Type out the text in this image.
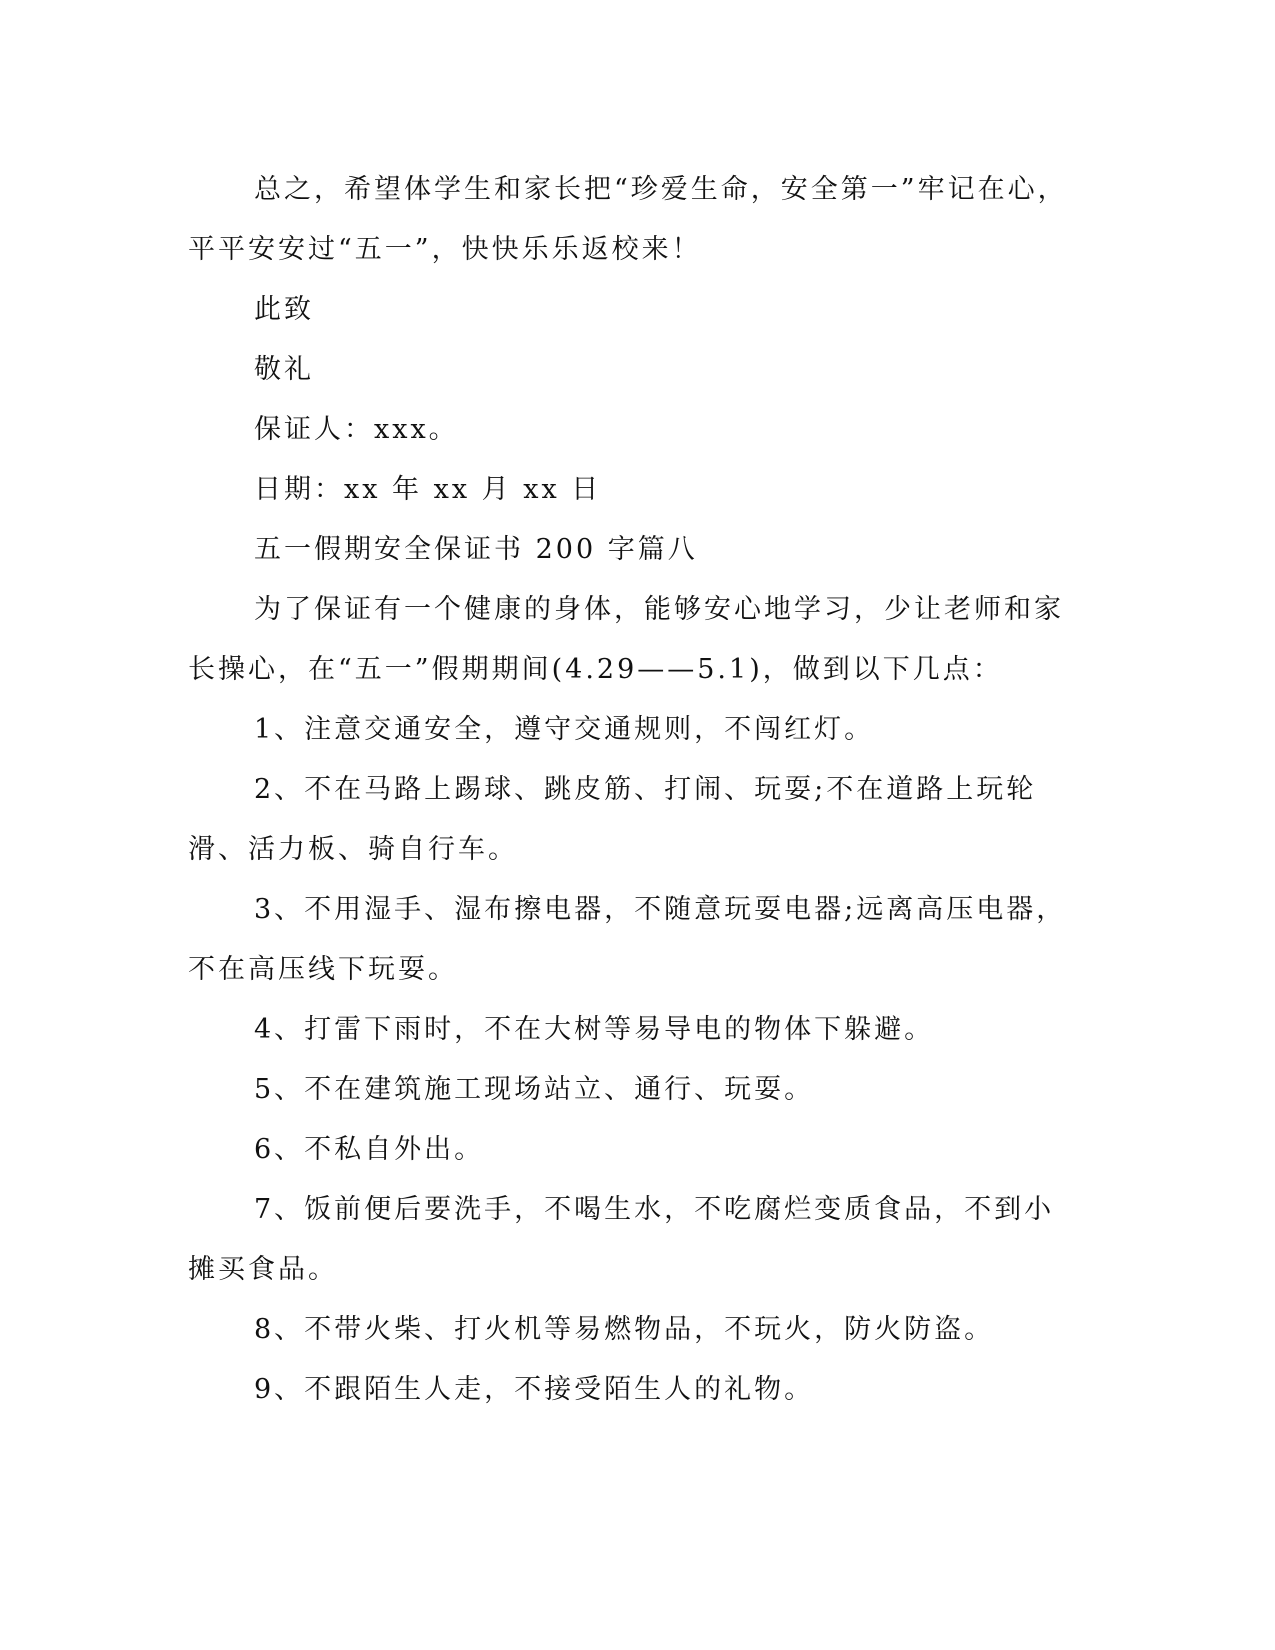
总之，希望体学生和家长把“珍爱生命，安全第一”牢记在心，平平安安过“五一”，快快乐乐返校来！

此致

敬礼

保证人：xxx。

日期：xx 年 xx 月 xx 日

五一假期安全保证书 200 字篇八

为了保证有一个健康的身体，能够安心地学习，少让老师和家长操心，在“五一”假期期间(4.29——5.1)，做到以下几点：

1、注意交通安全，遵守交通规则，不闯红灯。

2、不在马路上踢球、跳皮筋、打闹、玩耍;不在道路上玩轮滑、活力板、骑自行车。

3、不用湿手、湿布擦电器，不随意玩耍电器;远离高压电器，不在高压线下玩耍。

4、打雷下雨时，不在大树等易导电的物体下躲避。

5、不在建筑施工现场站立、通行、玩耍。

6、不私自外出。

7、饭前便后要洗手，不喝生水，不吃腐烂变质食品，不到小摊买食品。

8、不带火柴、打火机等易燃物品，不玩火，防火防盗。

9、不跟陌生人走，不接受陌生人的礼物。
